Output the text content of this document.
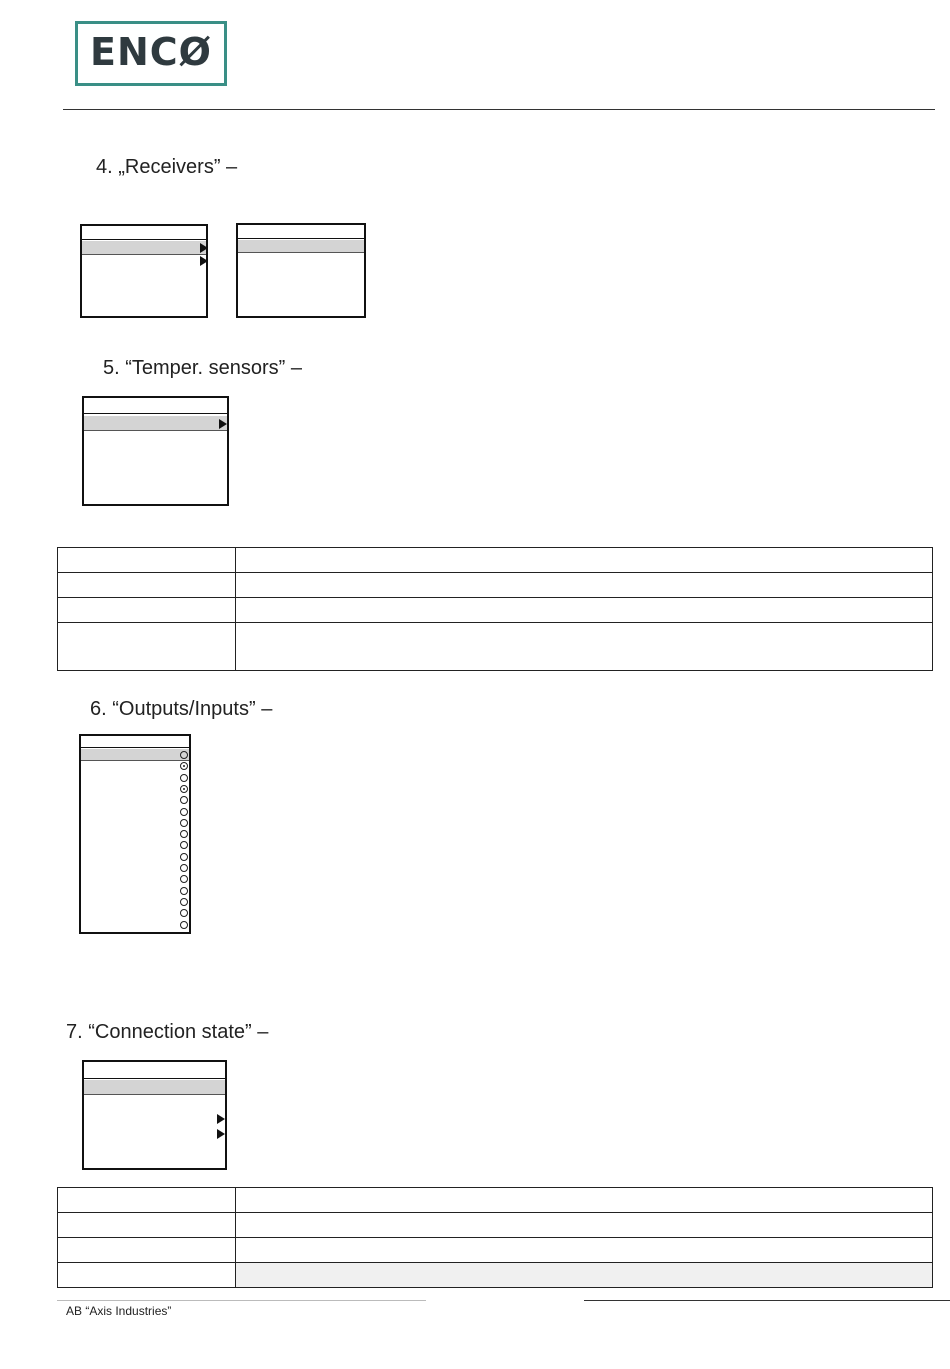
ENCØ
4. „Receivers” –
5. “Temper. sensors” –

6. “Outputs/Inputs” –
7. “Connection state” –

AB “Axis Industries”
